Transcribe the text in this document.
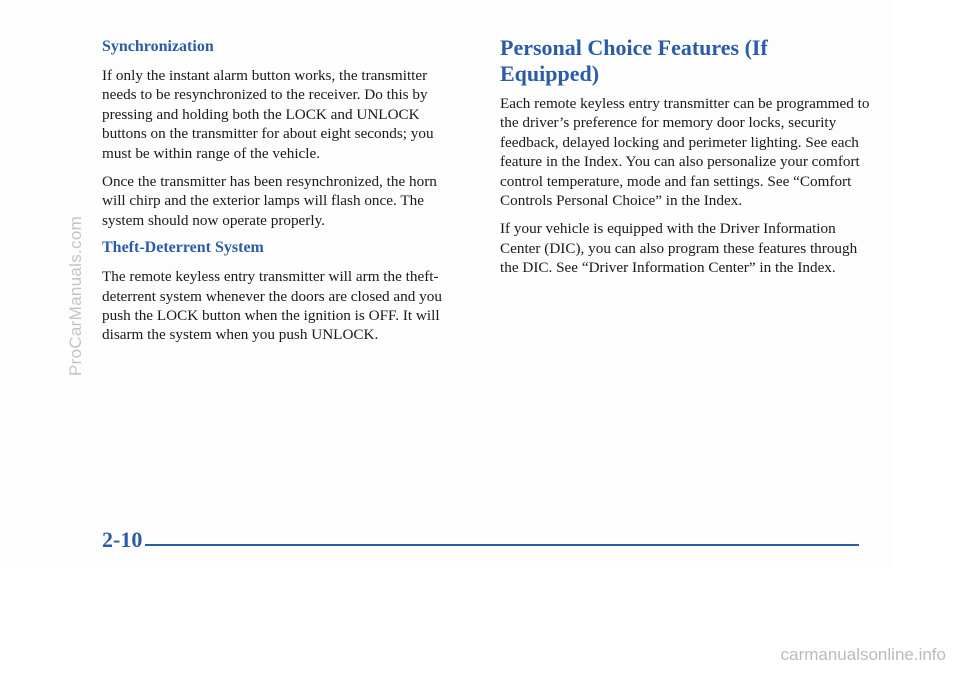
Synchronization

If only the instant alarm button works, the transmitter needs to be resynchronized to the receiver. Do this by pressing and holding both the LOCK and UNLOCK buttons on the transmitter for about eight seconds; you must be within range of the vehicle.

Once the transmitter has been resynchronized, the horn will chirp and the exterior lamps will flash once. The system should now operate properly.

Theft-Deterrent System

The remote keyless entry transmitter will arm the theft-deterrent system whenever the doors are closed and you push the LOCK button when the ignition is OFF. It will disarm the system when you push UNLOCK.

Personal Choice Features (If Equipped)

Each remote keyless entry transmitter can be programmed to the driver’s preference for memory door locks, security feedback, delayed locking and perimeter lighting. See each feature in the Index. You can also personalize your comfort control temperature, mode and fan settings. See “Comfort Controls Personal Choice” in the Index.

If your vehicle is equipped with the Driver Information Center (DIC), you can also program these features through the DIC. See “Driver Information Center” in the Index.

2-10
ProCarManuals.com
carmanualsonline.info
